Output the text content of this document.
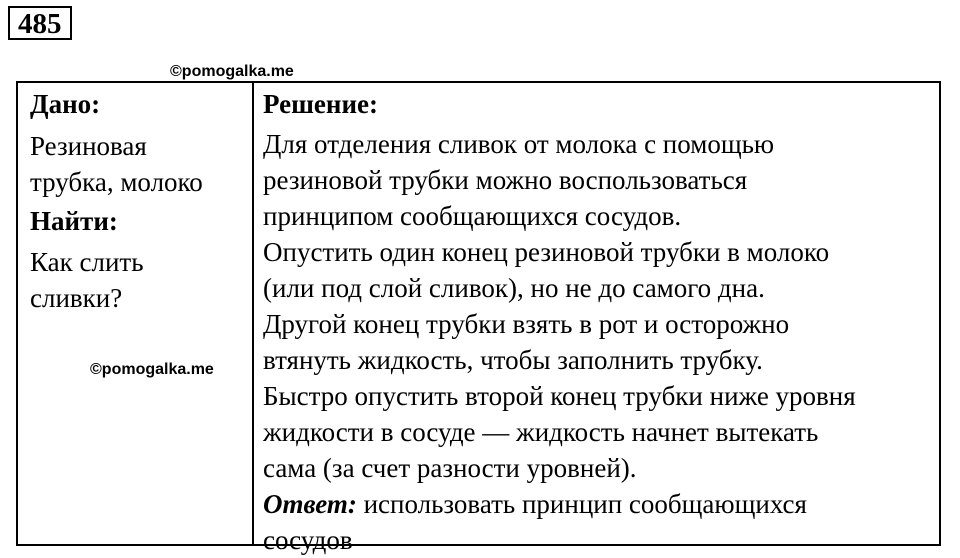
485
Дано:
Резиновая
трубка, молоко
Найти:
Как слить
сливки?
Решение:
Для отделения сливок от молока с помощью
резиновой трубки можно воспользоваться
принципом сообщающихся сосудов.
Опустить один конец резиновой трубки в молоко
(или под слой сливок), но не до самого дна.
Другой конец трубки взять в рот и осторожно
втянуть жидкость, чтобы заполнить трубку.
Быстро опустить второй конец трубки ниже уровня
жидкости в сосуде — жидкость начнет вытекать
сама (за счет разности уровней).
Ответ: использовать принцип сообщающихся
сосудов
©pomogalka.me
©pomogalka.me
